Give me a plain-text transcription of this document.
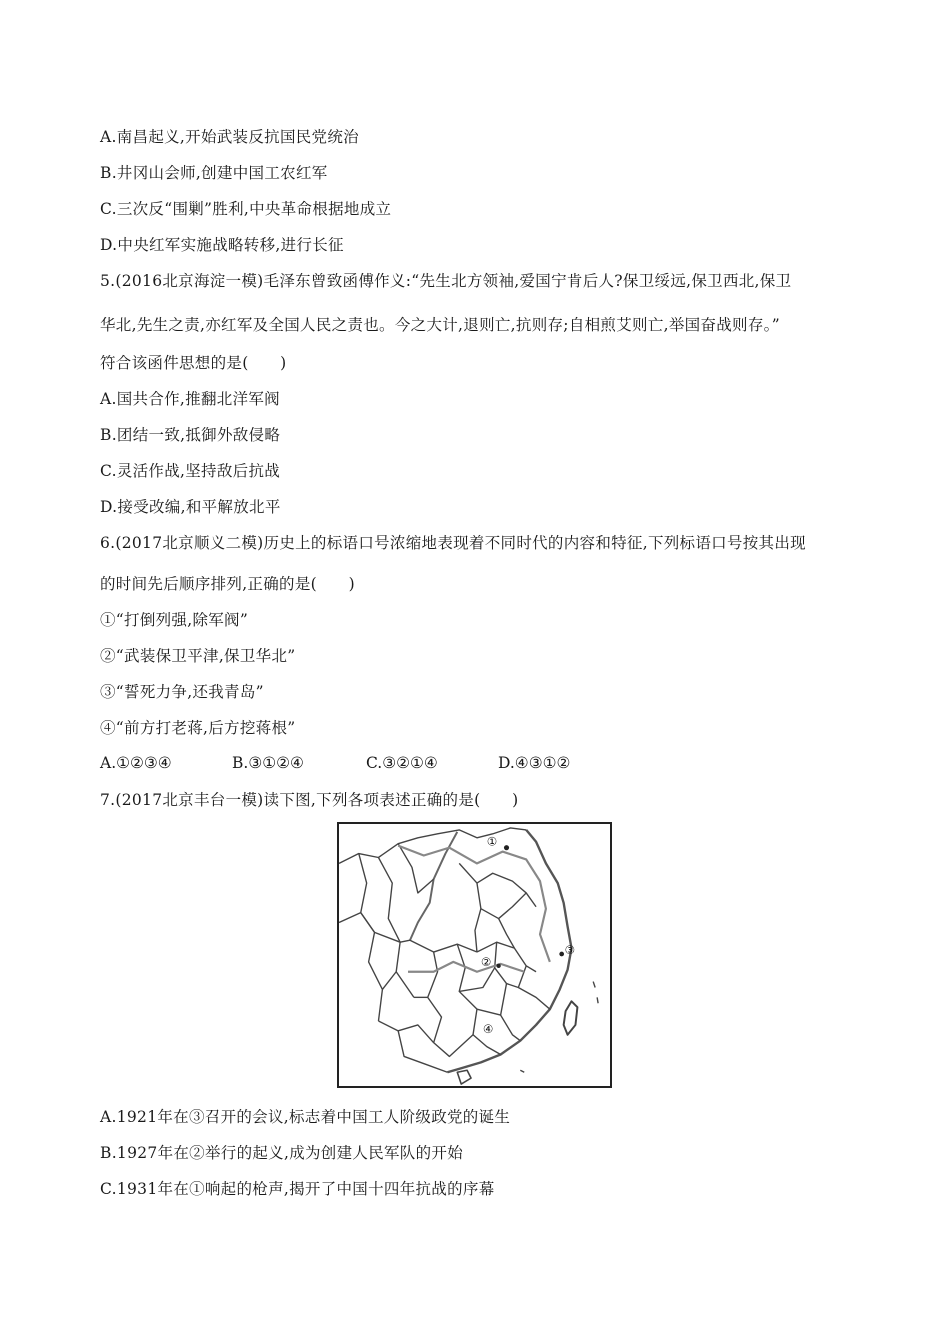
A.南昌起义,开始武装反抗国民党统治
B.井冈山会师,创建中国工农红军
C.三次反“围剿”胜利,中央革命根据地成立
D.中央红军实施战略转移,进行长征
5.(2016北京海淀一模)毛泽东曾致函傅作义:“先生北方领袖,爱国宁肯后人?保卫绥远,保卫西北,保卫
华北,先生之责,亦红军及全国人民之责也。今之大计,退则亡,抗则存;自相煎艾则亡,举国奋战则存。”
符合该函件思想的是(　　)
A.国共合作,推翻北洋军阀
B.团结一致,抵御外敌侵略
C.灵活作战,坚持敌后抗战
D.接受改编,和平解放北平
6.(2017北京顺义二模)历史上的标语口号浓缩地表现着不同时代的内容和特征,下列标语口号按其出现
的时间先后顺序排列,正确的是(　　)
①“打倒列强,除军阀”
②“武装保卫平津,保卫华北”
③“誓死力争,还我青岛”
④“前方打老蒋,后方挖蒋根”
A.①②③④	B.③①②④	C.③②①④	D.④③①②
7.(2017北京丰台一模)读下图,下列各项表述正确的是(　　)
①
②
③
④
A.1921年在③召开的会议,标志着中国工人阶级政党的诞生
B.1927年在②举行的起义,成为创建人民军队的开始
C.1931年在①响起的枪声,揭开了中国十四年抗战的序幕
